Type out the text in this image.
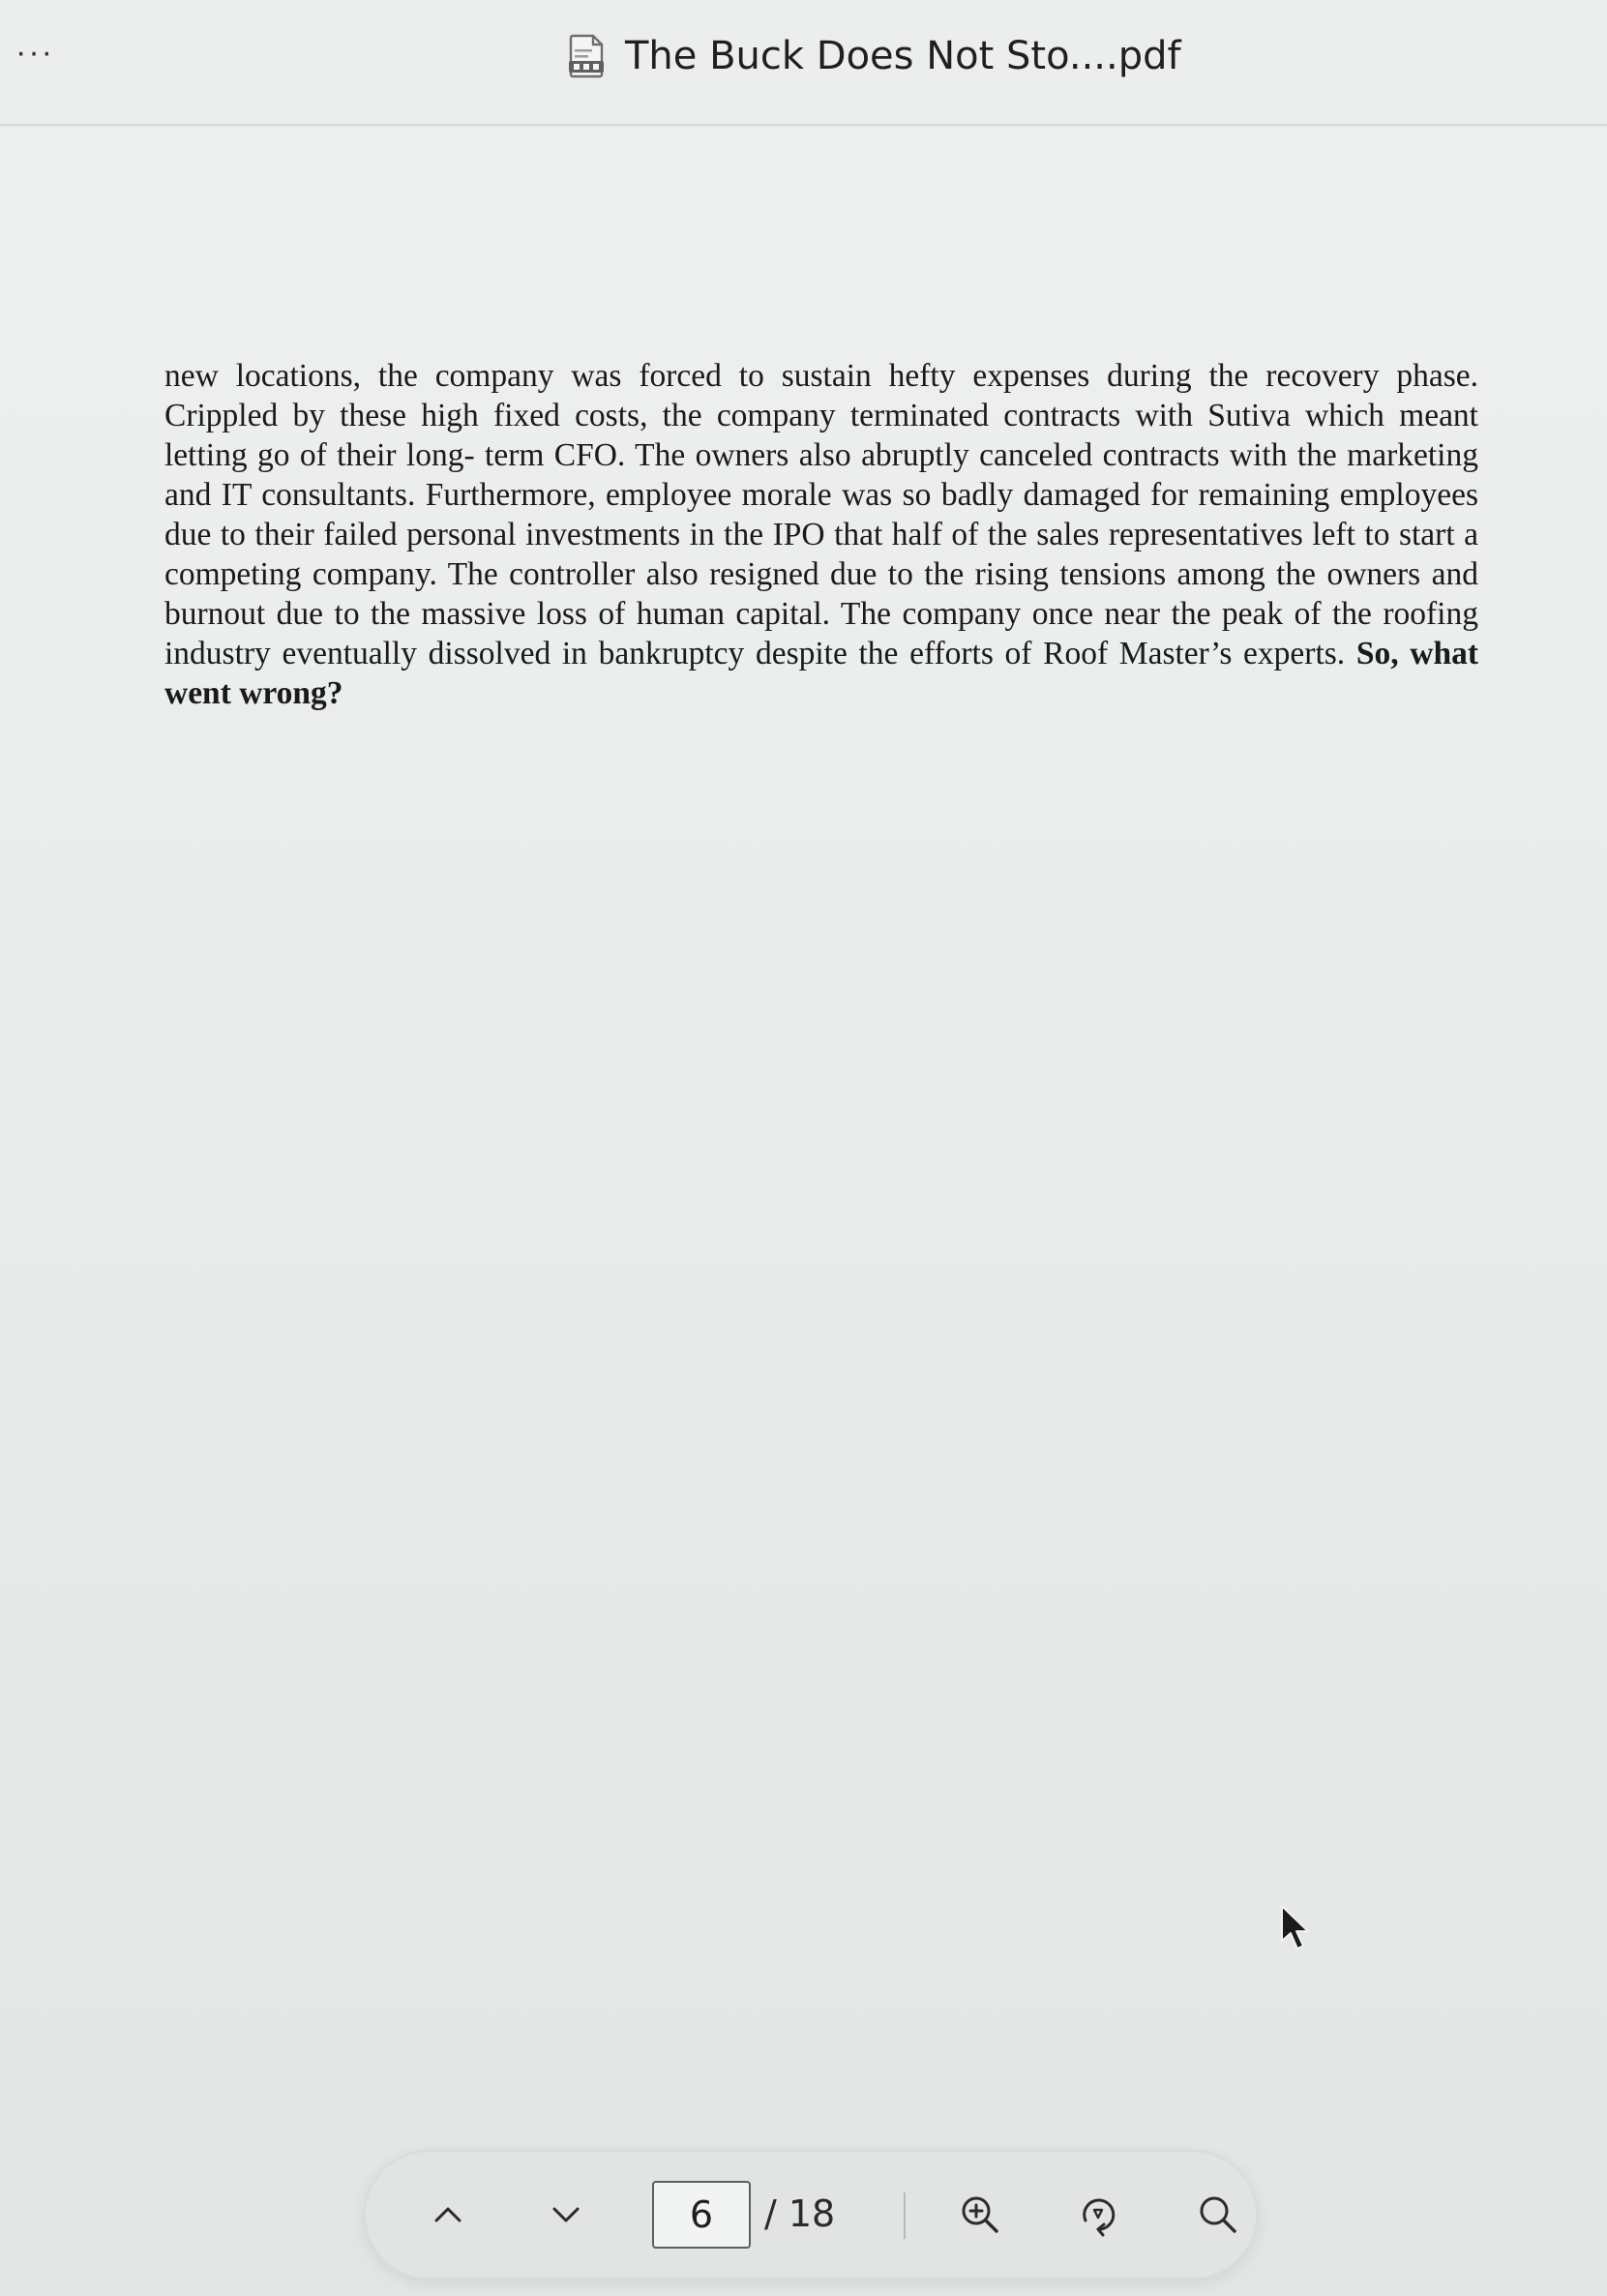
···	The Buck Does Not Sto....pdf
new locations, the company was forced to sustain hefty expenses during the recovery phase. Crippled by these high fixed costs, the company terminated contracts with Sutiva which meant letting go of their long- term CFO. The owners also abruptly canceled contracts with the marketing and IT consultants. Furthermore, employee morale was so badly damaged for remaining employees due to their failed personal investments in the IPO that half of the sales representatives left to start a competing company. The controller also resigned due to the rising tensions among the owners and burnout due to the massive loss of human capital. The company once near the peak of the roofing industry eventually dissolved in bankruptcy despite the efforts of Roof Master’s experts. So, what went wrong?
6
/ 18
